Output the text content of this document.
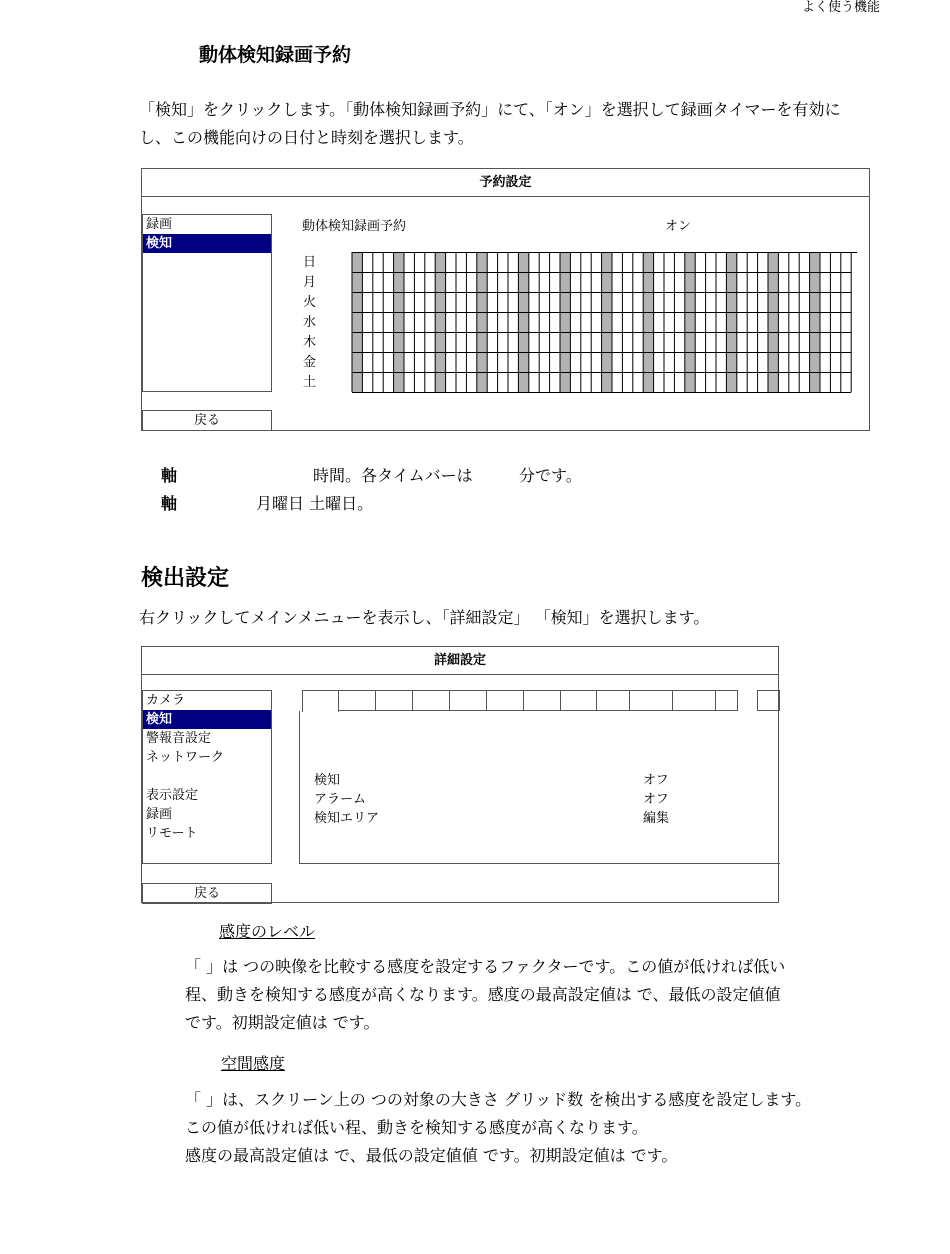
よく使う機能
動体検知録画予約
「検知」をクリックします。「動体検知録画予約」にて、「オン」を選択して録画タイマーを有効に
し、この機能向けの日付と時刻を選択します。
予約設定
録画
検知
戻る
動体検知録画予約	オン
日
月
火
水
木
金
土
軸	時間。各タイムバーは	分です。
軸	月曜日 土曜日。
検出設定
右クリックしてメインメニューを表示し、「詳細設定」 「検知」を選択します。
詳細設定
カメラ
検知
警報音設定
ネットワーク
表示設定
録画
リモート
戻る
検知	オフ
アラーム	オフ
検知エリア	編集
感度のレベル
「 」は つの映像を比較する感度を設定するファクターです。この値が低ければ低い
程、動きを検知する感度が高くなります。感度の最高設定値は で、最低の設定値値
です。初期設定値は です。
空間感度
「 」は、スクリーン上の つの対象の大きさ グリッド数 を検出する感度を設定します。
この値が低ければ低い程、動きを検知する感度が高くなります。
感度の最高設定値は で、最低の設定値値 です。初期設定値は です。
